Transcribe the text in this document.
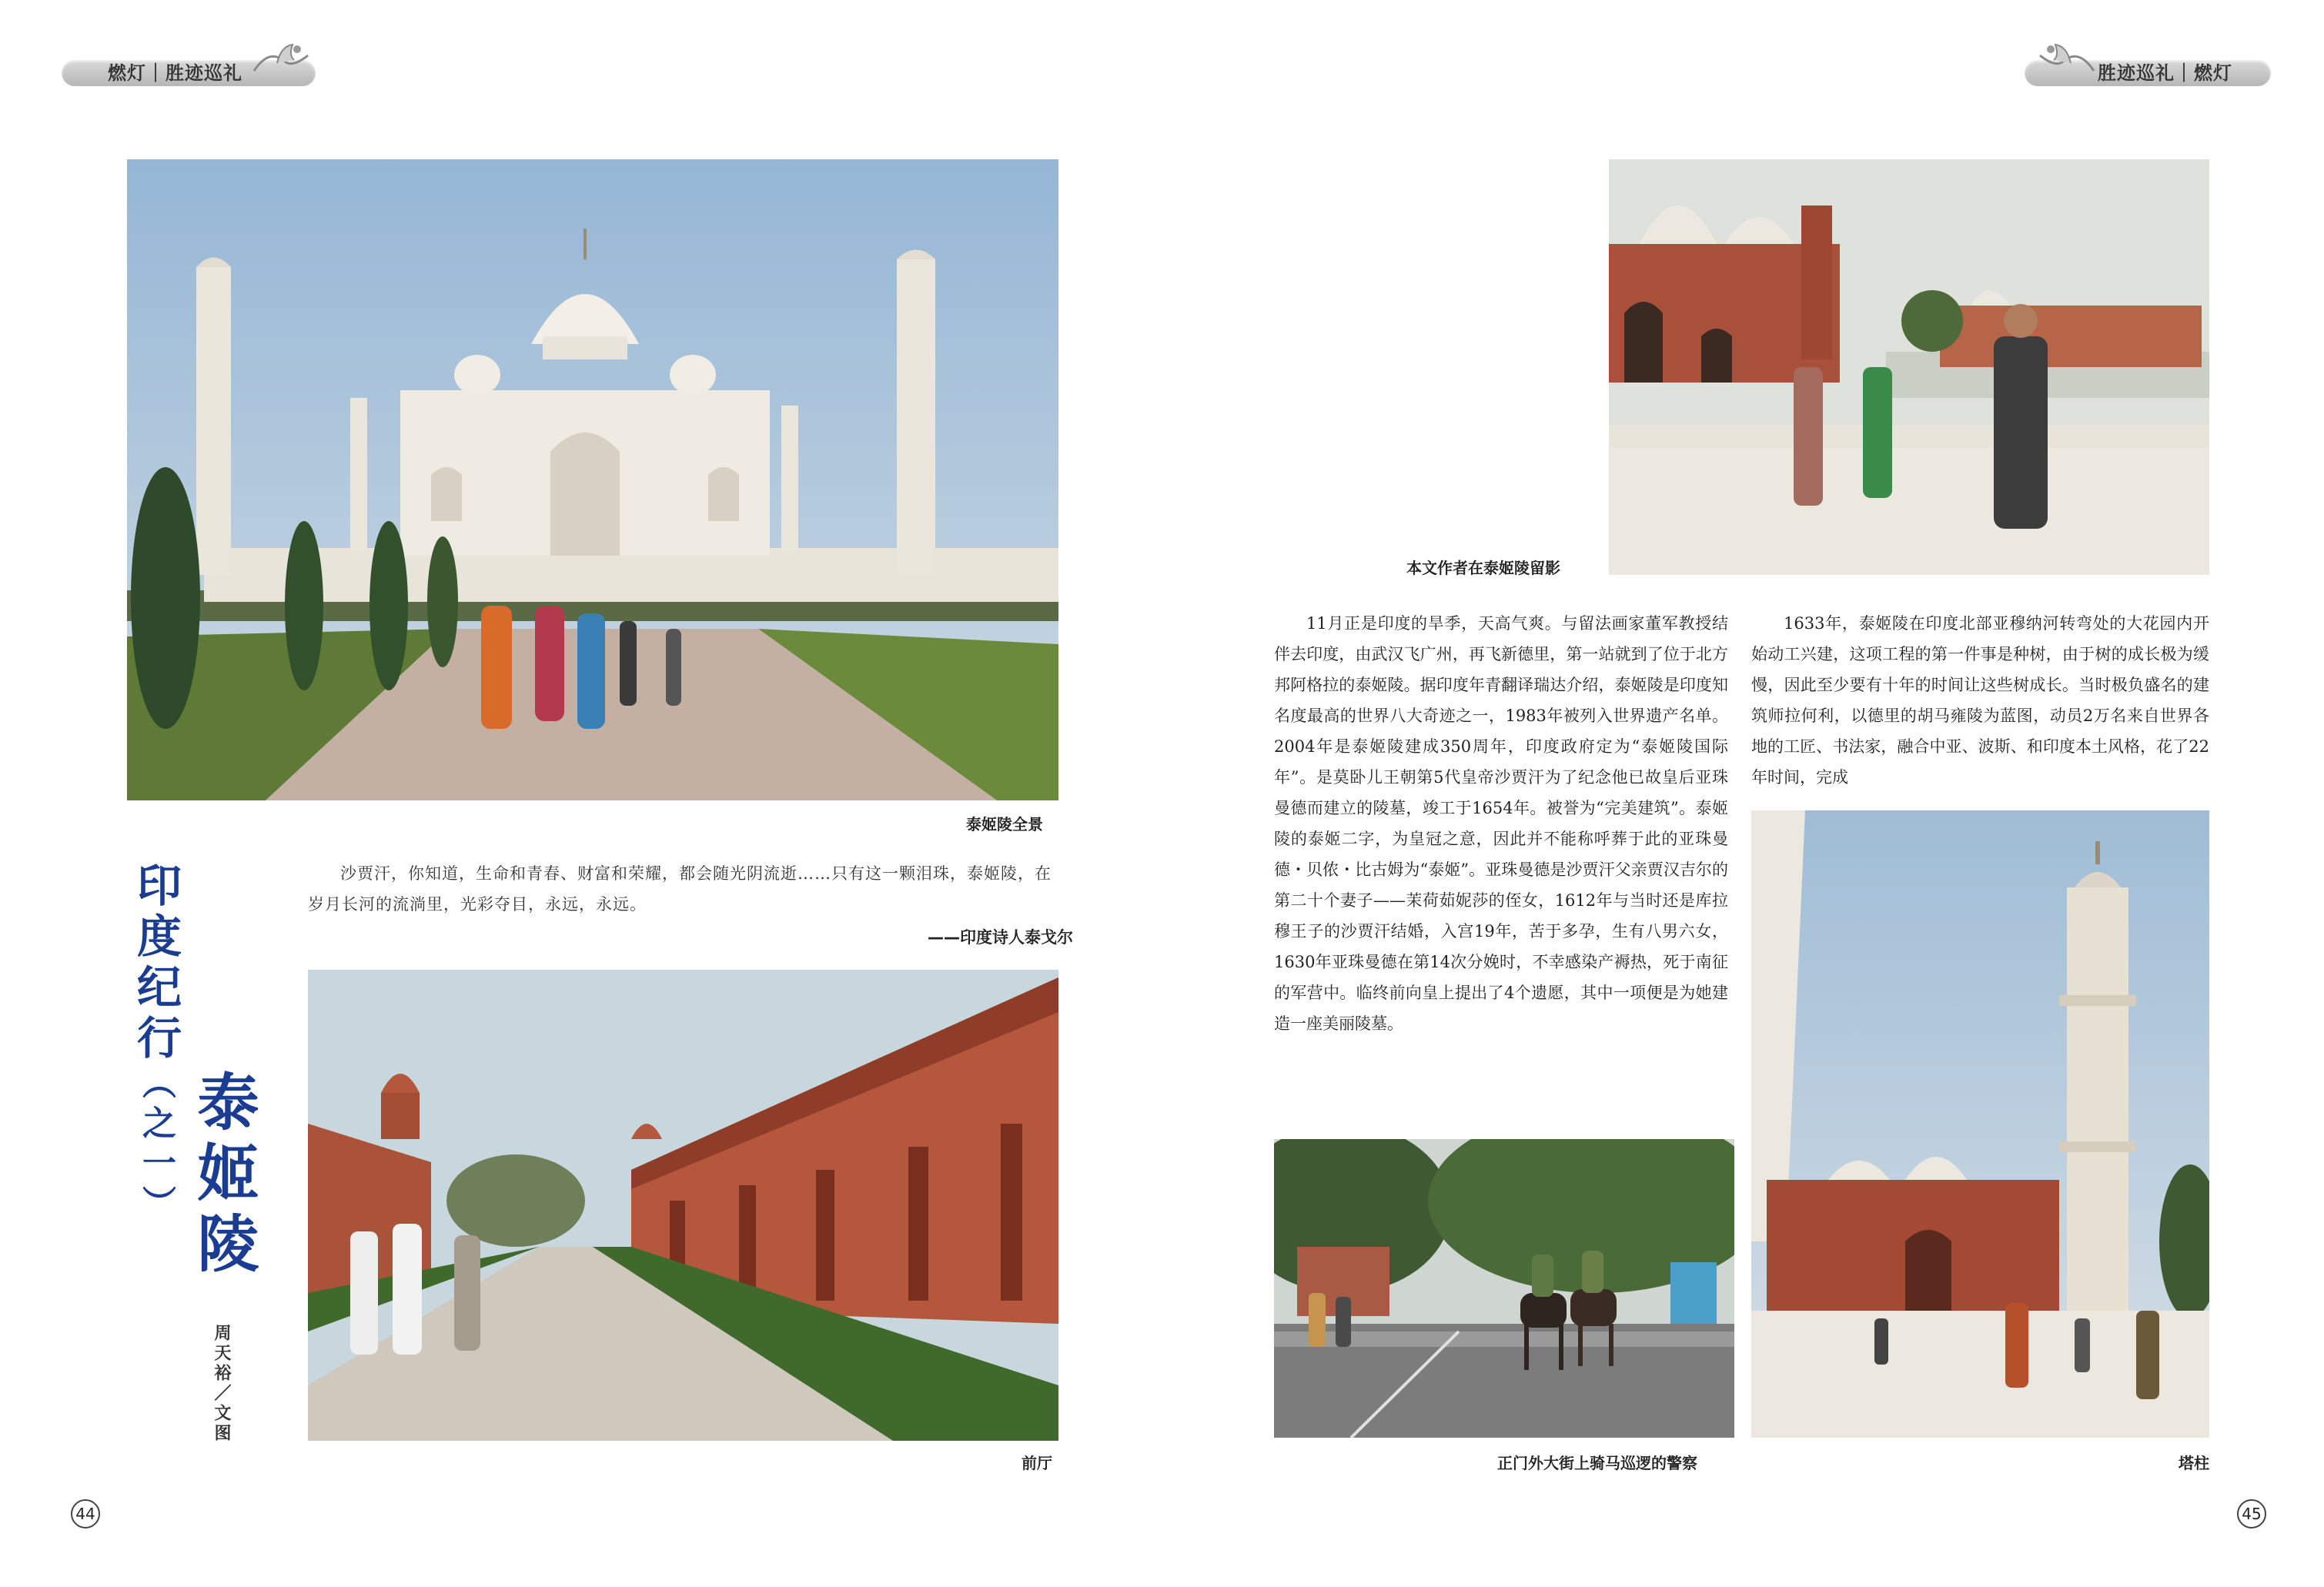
燃灯｜胜迹巡礼	胜迹巡礼｜燃灯
泰姬陵全景
本文作者在泰姬陵留影
印度纪行（之一） 泰姬陵
周天裕／文图

沙贾汗，你知道，生命和青春、财富和荣耀，都会随光阴流逝……只有这一颗泪珠，泰姬陵，在岁月长河的流淌里，光彩夺目，永远，永远。

——印度诗人泰戈尔
前厅

11月正是印度的旱季，天高气爽。与留法画家董军教授结伴去印度，由武汉飞广州，再飞新德里，第一站就到了位于北方邦阿格拉的泰姬陵。据印度年青翻译瑞达介绍，泰姬陵是印度知名度最高的世界八大奇迹之一，1983年被列入世界遗产名单。2004年是泰姬陵建成350周年，印度政府定为“泰姬陵国际年”。是莫卧儿王朝第5代皇帝沙贾汗为了纪念他已故皇后亚珠曼德而建立的陵墓，竣工于1654年。被誉为“完美建筑”。泰姬陵的泰姬二字，为皇冠之意，因此并不能称呼葬于此的亚珠曼德・贝侬・比古姆为“泰姬”。亚珠曼德是沙贾汗父亲贾汉吉尔的第二十个妻子——茉荷茹妮莎的侄女，1612年与当时还是库拉穆王子的沙贾汗结婚，入宫19年，苦于多孕，生有八男六女，1630年亚珠曼德在第14次分娩时，不幸感染产褥热，死于南征的军营中。临终前向皇上提出了4个遗愿，其中一项便是为她建造一座美丽陵墓。

1633年，泰姬陵在印度北部亚穆纳河转弯处的大花园内开始动工兴建，这项工程的第一件事是种树，由于树的成长极为缓慢，因此至少要有十年的时间让这些树成长。当时极负盛名的建筑师拉何利，以德里的胡马雍陵为蓝图，动员2万名来自世界各地的工匠、书法家，融合中亚、波斯、和印度本土风格，花了22年时间，完成

正门外大街上骑马巡逻的警察	塔柱
44	45
